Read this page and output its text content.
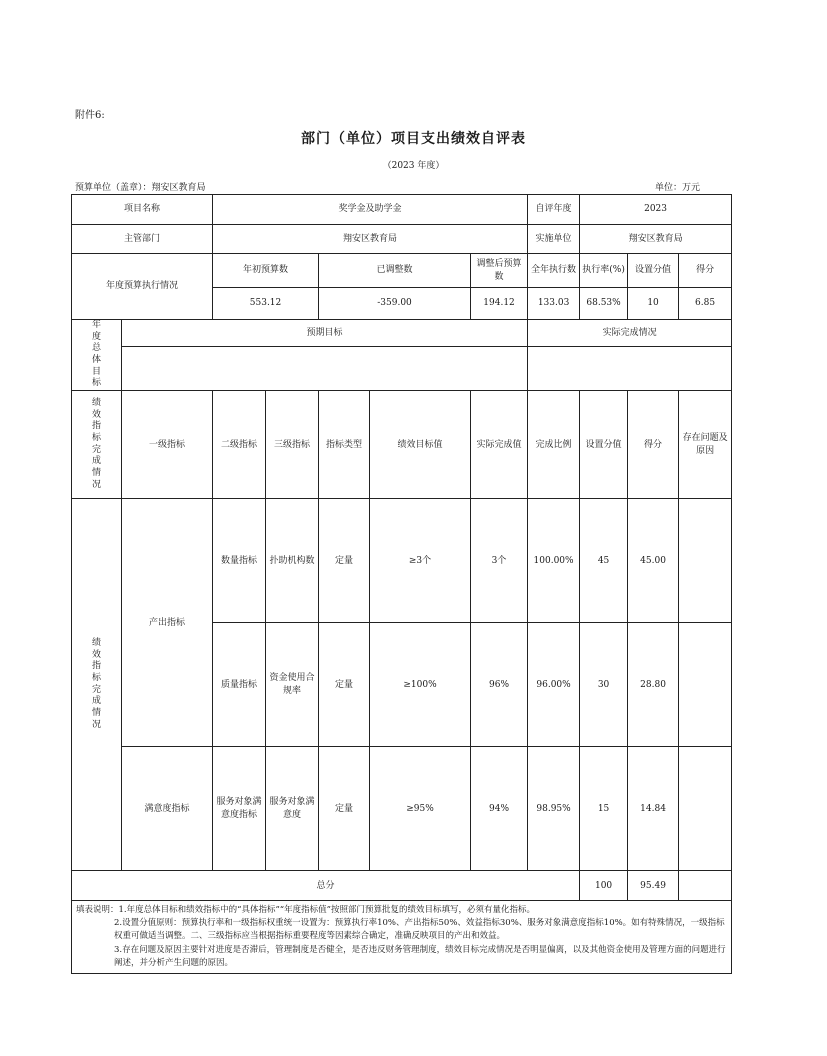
附件6:
部门（单位）项目支出绩效自评表
（2023 年度）
预算单位（盖章）：翔安区教育局	单位：万元
项目名称		奖学金及助学金					自评年度	2023		
主管部门		翔安区教育局					实施单位	翔安区教育局		
年度预算执行情况		年初预算数		已调整数		调整后预算数	全年执行数	执行率(%)	设置分值	得分
		553.12		-359.00		194.12	133.03	68.53%	10	6.85
年度总体目标	预期目标						实际完成情况			

绩效指标完成情况	一级指标	二级指标	三级指标	指标类型	绩效目标值	实际完成值	完成比例	设置分值	得分	存在问题及原因
绩效指标完成情况	产出指标	数量指标	扑助机构数	定量	≥3个	3个	100.00%	45	45.00	
		质量指标	资金使用合规率	定量	≥100%	96%	96.00%	30	28.80	
	满意度指标	服务对象满意度指标	服务对象满意度	定量	≥95%	94%	98.95%	15	14.84	
总分								100	95.49	

填表说明：1.年度总体目标和绩效指标中的“具体指标”“年度指标值”按照部门预算批复的绩效目标填写，必须有量化指标。
2.设置分值原则：预算执行率和一级指标权重统一设置为：预算执行率10%、产出指标50%、效益指标30%、服务对象满意度指标10%。如有特殊情况，一级指标权重可做适当调整。二、三级指标应当根据指标重要程度等因素综合确定，准确反映项目的产出和效益。
3.存在问题及原因主要针对进度是否滞后，管理制度是否健全，是否违反财务管理制度，绩效目标完成情况是否明显偏离，以及其他资金使用及管理方面的问题进行阐述，并分析产生问题的原因。										
